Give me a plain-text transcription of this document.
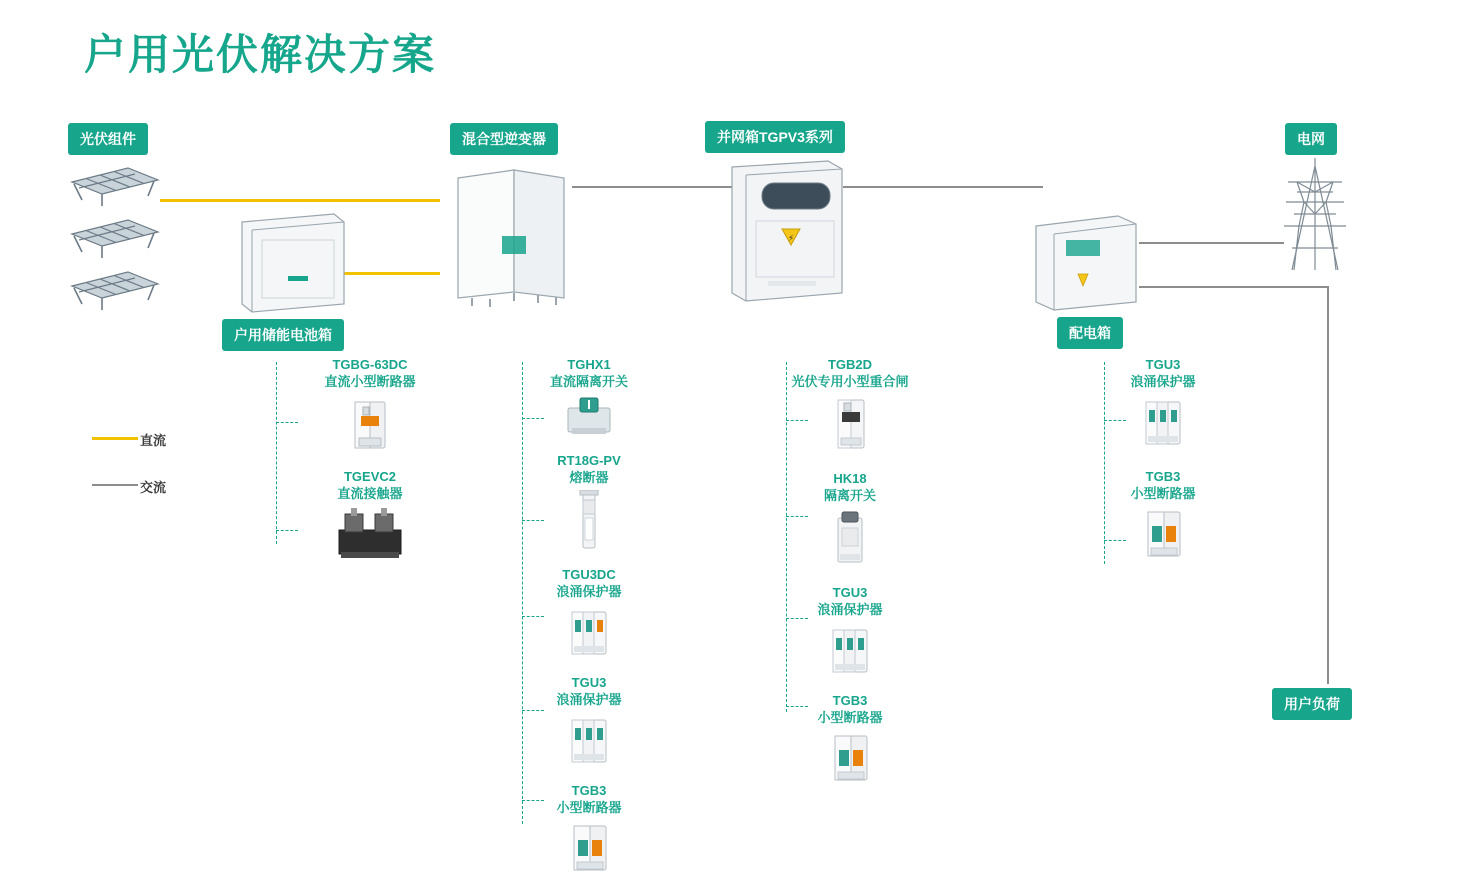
户用光伏解决方案
光伏组件	混合型逆变器	并网箱TGPV3系列	电网
户用储能电池箱	配电箱
用户负荷
直流
交流
⚡
TGBG-63DC
直流小型断路器
TGEVC2
直流接触器
TGHX1
直流隔离开关
RT18G-PV
熔断器
TGU3DC
浪涌保护器
TGU3
浪涌保护器
TGB3
小型断路器
TGB2D
光伏专用小型重合闸
HK18
隔离开关
TGU3
浪涌保护器
TGB3
小型断路器
TGU3
浪涌保护器
TGB3
小型断路器
